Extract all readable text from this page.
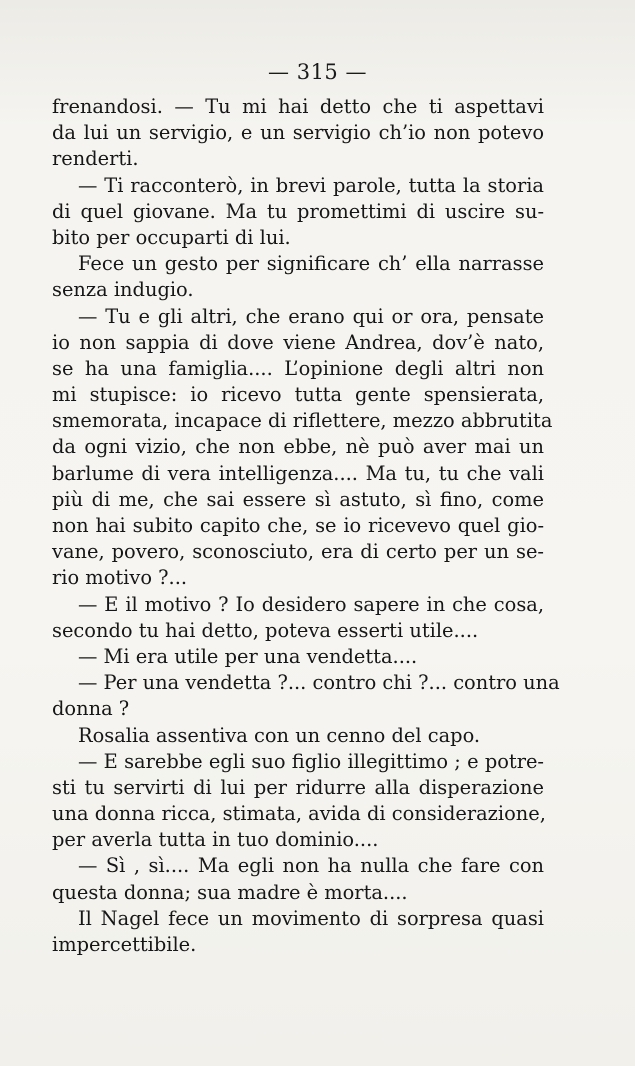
— 315 —
frenandosi. — Tu mi hai detto che ti aspettavi
da lui un servigio, e un servigio ch’io non potevo
renderti.
— Ti racconterò, in brevi parole, tutta la storia
di quel giovane. Ma tu promettimi di uscire su-
bito per occuparti di lui.
Fece un gesto per significare ch’ ella narrasse
senza indugio.
— Tu e gli altri, che erano qui or ora, pensate
io non sappia di dove viene Andrea, dov’è nato,
se ha una famiglia.... L’opinione degli altri non
mi stupisce: io ricevo tutta gente spensierata,
smemorata, incapace di riflettere, mezzo abbrutita
da ogni vizio, che non ebbe, nè può aver mai un
barlume di vera intelligenza.... Ma tu, tu che vali
più di me, che sai essere sì astuto, sì fino, come
non hai subito capito che, se io ricevevo quel gio-
vane, povero, sconosciuto, era di certo per un se-
rio motivo ?...
— E il motivo ? Io desidero sapere in che cosa,
secondo tu hai detto, poteva esserti utile....
— Mi era utile per una vendetta....
— Per una vendetta ?... contro chi ?... contro una
donna ?
Rosalia assentiva con un cenno del capo.
— E sarebbe egli suo figlio illegittimo ; e potre-
sti tu servirti di lui per ridurre alla disperazione
una donna ricca, stimata, avida di considerazione,
per averla tutta in tuo dominio....
— Sì , sì.... Ma egli non ha nulla che fare con
questa donna; sua madre è morta....
Il Nagel fece un movimento di sorpresa quasi
impercettibile.
